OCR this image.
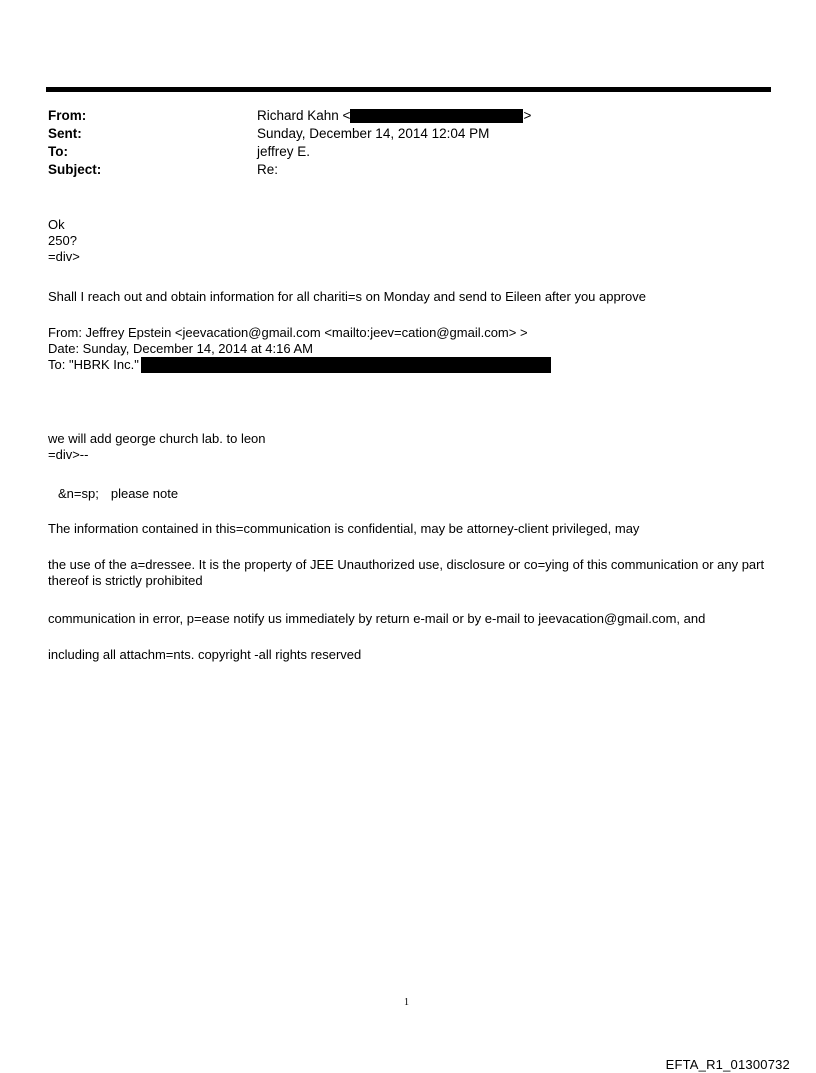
From:	Richard Kahn <	>
Sent:	Sunday, December 14, 2014 12:04 PM
To:	jeffrey E.
Subject:	Re:
Ok
250?
=div>
Shall I reach out and obtain information for all chariti=s on Monday and send to Eileen after you approve
From: Jeffrey Epstein <jeevacation@gmail.com <mailto:jeev=cation@gmail.com> >
Date: Sunday, December 14, 2014 at 4:16 AM
To: "HBRK Inc."
we will add george church lab. to leon
=div>--
&n=sp; please note
The information contained in this=communication is confidential, may be attorney-client privileged, may
the use of the a=dressee. It is the property of JEE Unauthorized use, disclosure or co=ying of this communication or any part thereof is strictly prohibited
communication in error, p=ease notify us immediately by return e-mail or by e-mail to jeevacation@gmail.com, and
including all attachm=nts. copyright -all rights reserved
1
EFTA_R1_01300732
